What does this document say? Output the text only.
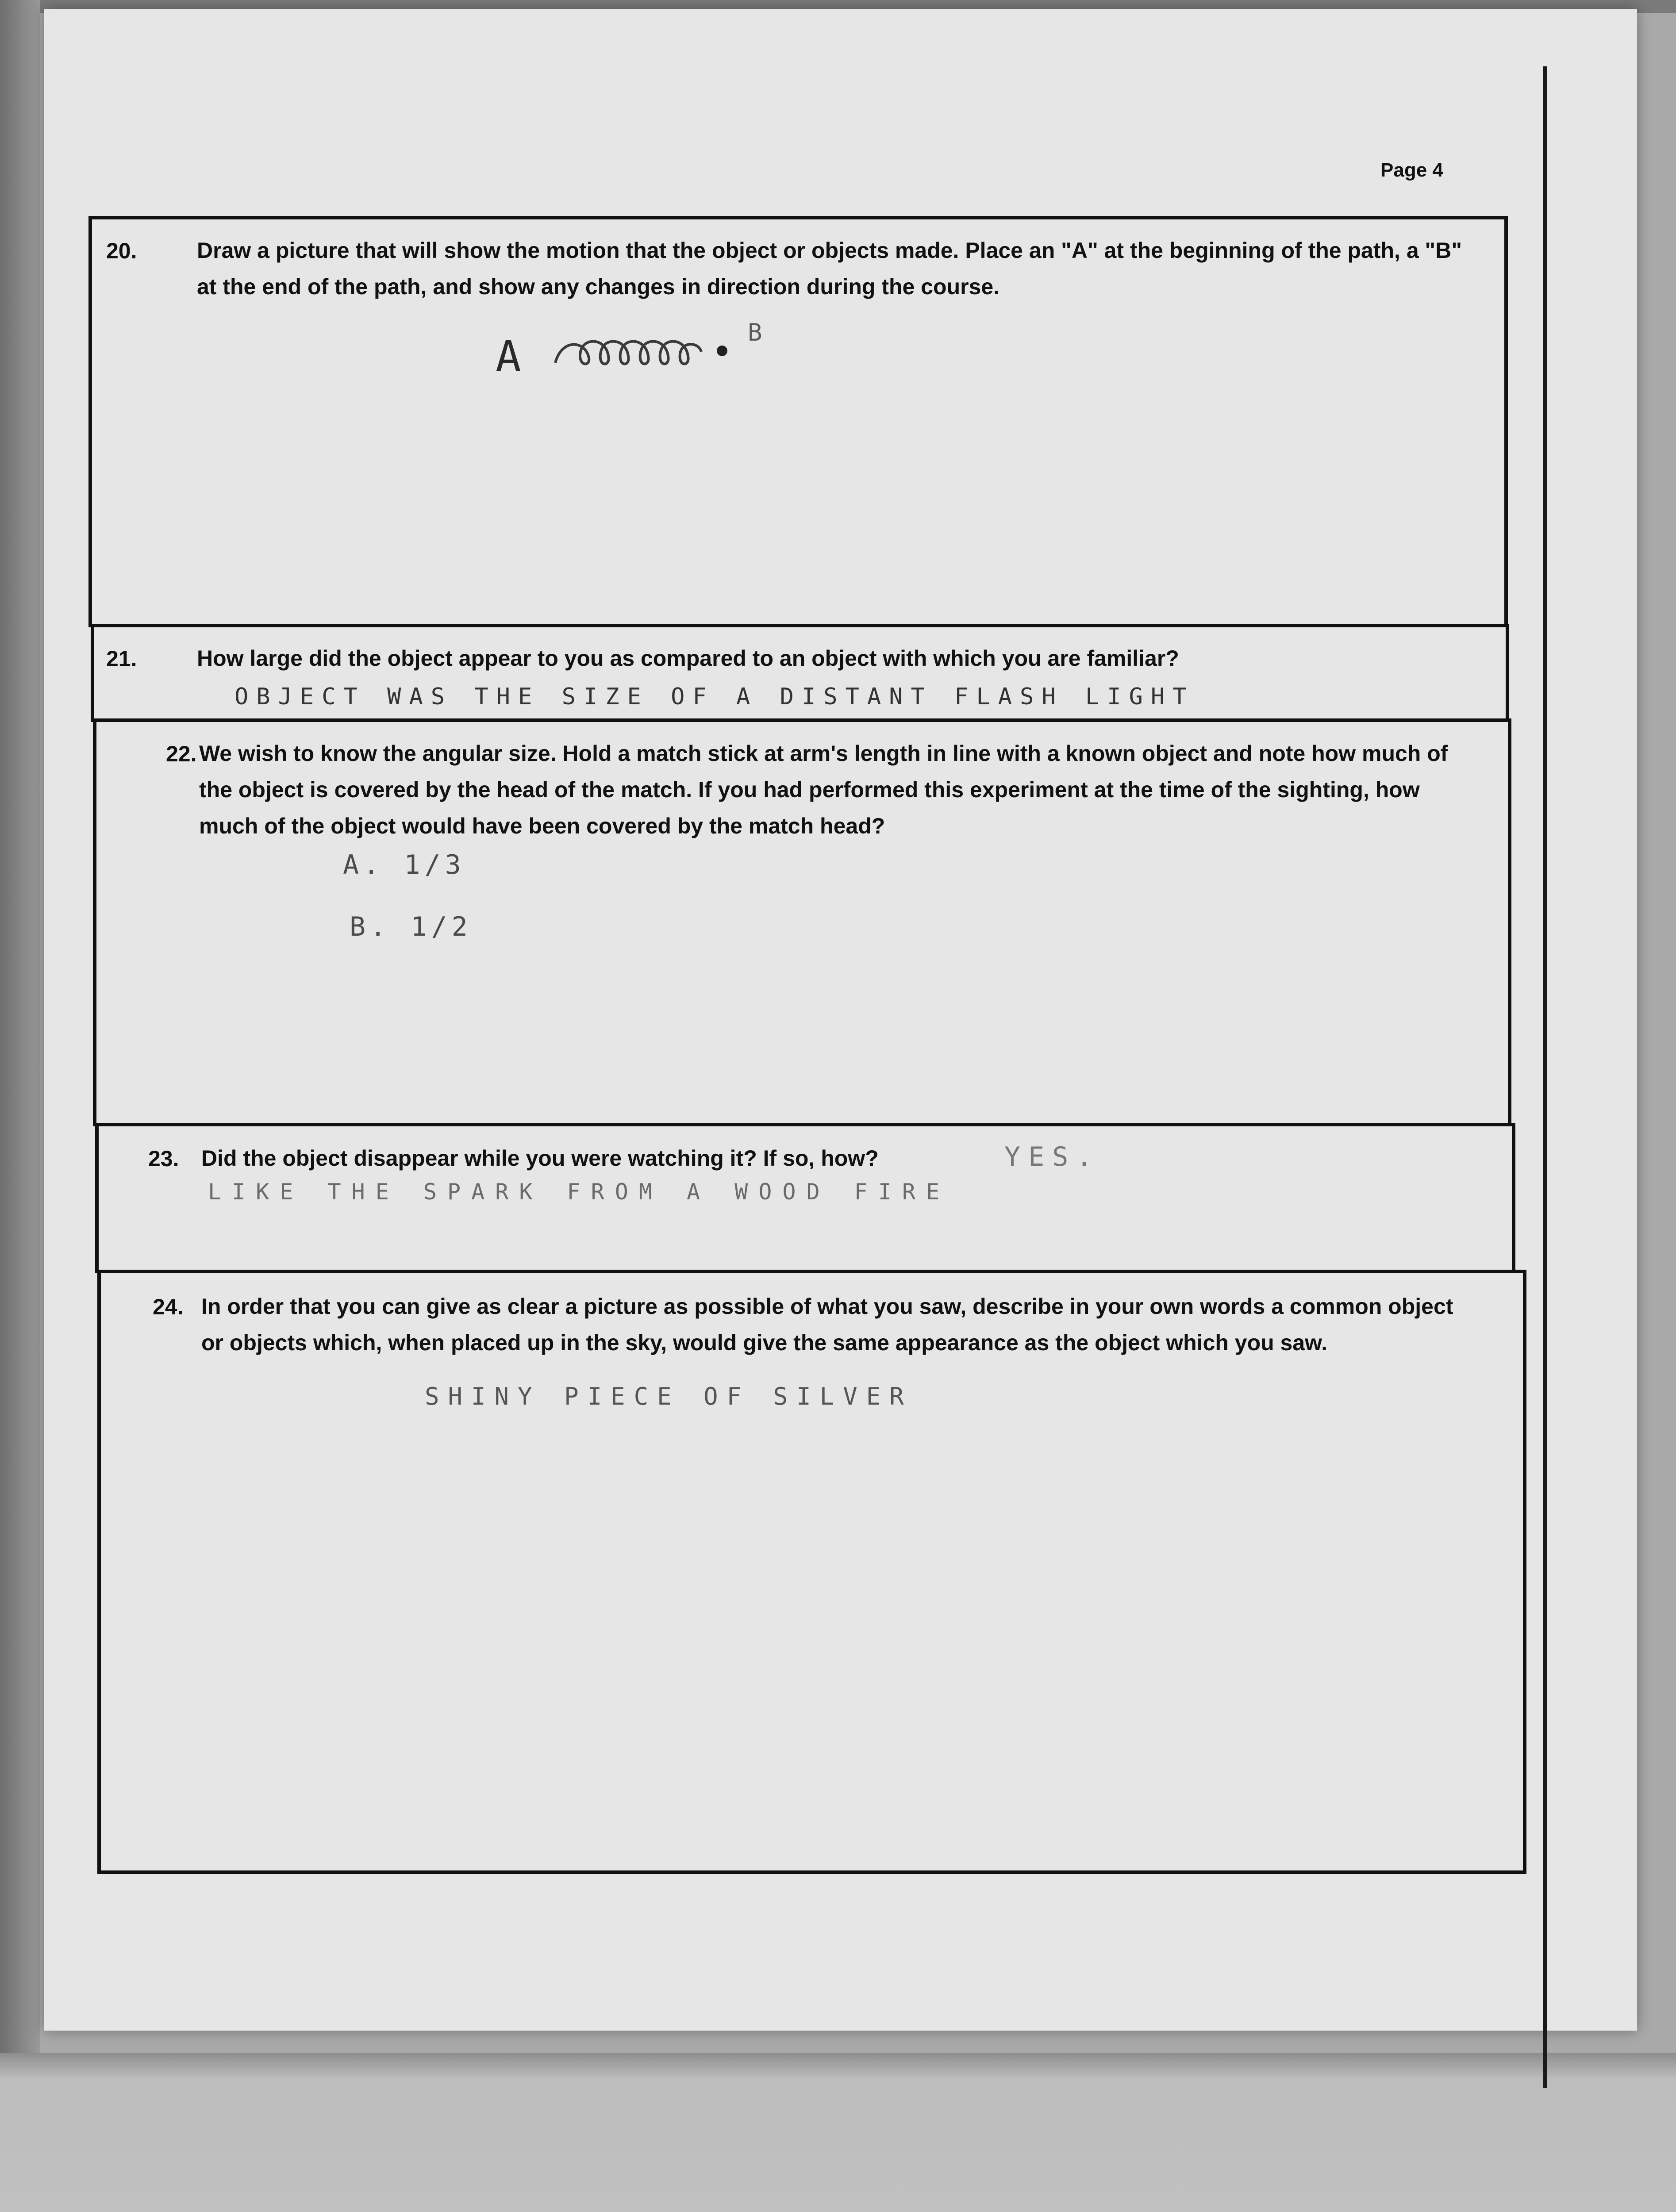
Page 4
20.	Draw a picture that will show the motion that the object or objects made. Place an "A" at the beginning of the path, a "B" at the end of the path, and show any changes in direction during the course.
A	B
21.	How large did the object appear to you as compared to an object with which you are familiar?
OBJECT WAS THE SIZE OF A DISTANT FLASH LIGHT
22. We wish to know the angular size. Hold a match stick at arm's length in line with a known object and note how much of the object is covered by the head of the match. If you had performed this experiment at the time of the sighting, how much of the object would have been covered by the match head?
A. 1/3
B. 1/2
23. Did the object disappear while you were watching it? If so, how?	YES.
LIKE THE SPARK FROM A WOOD FIRE
24. In order that you can give as clear a picture as possible of what you saw, describe in your own words a common object or objects which, when placed up in the sky, would give the same appearance as the object which you saw.
SHINY PIECE OF SILVER
